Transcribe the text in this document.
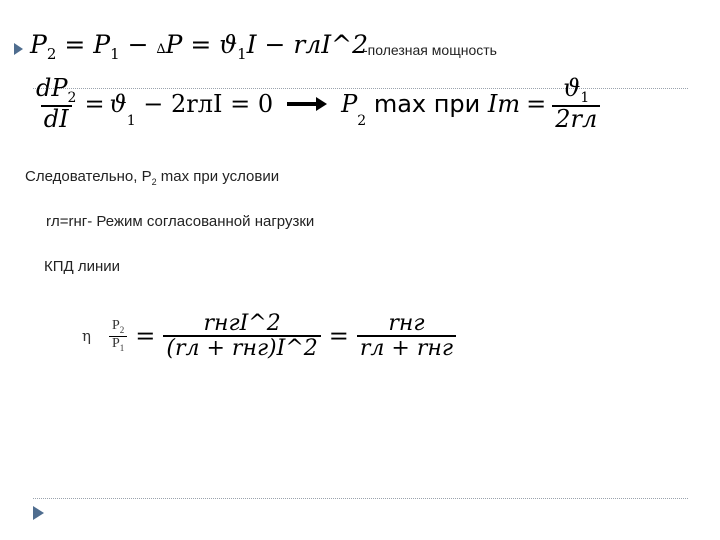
$P_2 = P_1 - \Delta P = ϑ_1I$ − rлI^2
-полезная мощность
$\frac{dP_2}{dI} = ϑ$
$_1$
− 2rлI = 0	P
$_2$
max при $Im = \frac{ϑ_1}{2rл}$
Следовательно, $P_2$ max при условии
rл=rнг- Режим согласованной нагрузки
КПД линии
η $\frac{P_2}{P_1} = \frac{\text{rнгI\textasciicircum{}2}}{\text{(rл + rнг)I\textasciicircum{}2}} = \frac{\text{rнг}}{\text{rл + rнг}}$
